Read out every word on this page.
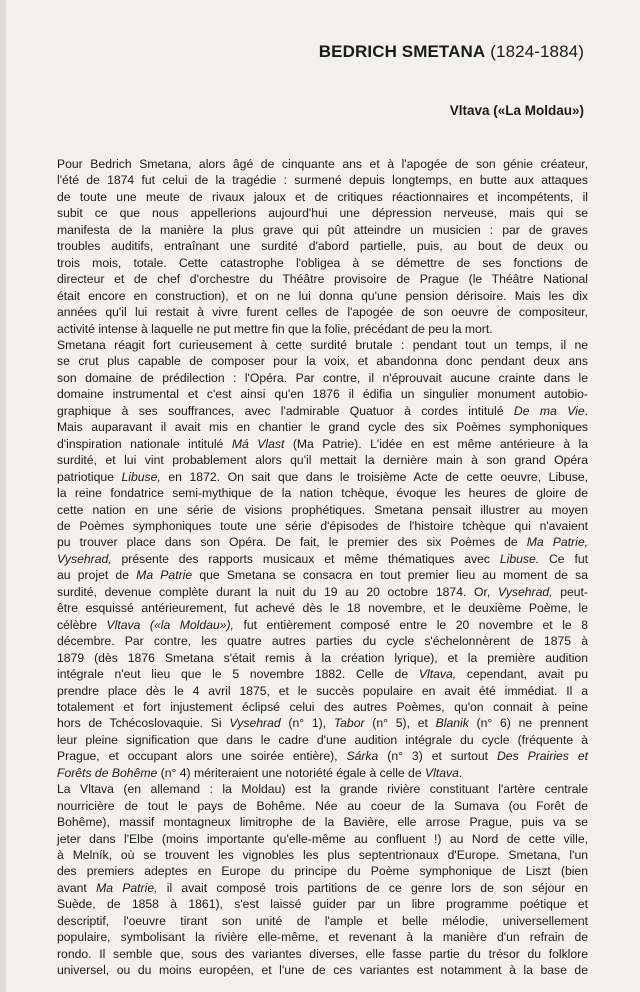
BEDRICH SMETANA (1824-1884)
Vltava («La Moldau»)

Pour Bedrich Smetana, alors âgé de cinquante ans et à l'apogée de son génie créateur,
l'été de 1874 fut celui de la tragédie : surmené depuis longtemps, en butte aux attaques
de toute une meute de rivaux jaloux et de critiques réactionnaires et incompétents, il
subit ce que nous appellerions aujourd'hui une dépression nerveuse, mais qui se
manifesta de la manière la plus grave qui pût atteindre un musicien : par de graves
troubles auditifs, entraînant une surdité d'abord partielle, puis, au bout de deux ou
trois mois, totale. Cette catastrophe l'obligea à se démettre de ses fonctions de
directeur et de chef d'orchestre du Théâtre provisoire de Prague (le Théâtre National
était encore en construction), et on ne lui donna qu'une pension dérisoire. Mais les dix
années qu'il lui restait à vivre furent celles de l'apogée de son oeuvre de compositeur,
activité intense à laquelle ne put mettre fin que la folie, précédant de peu la mort.

Smetana réagit fort curieusement à cette surdité brutale : pendant tout un temps, il ne
se crut plus capable de composer pour la voix, et abandonna donc pendant deux ans
son domaine de prédilection : l'Opéra. Par contre, il n'éprouvait aucune crainte dans le
domaine instrumental et c'est ainsi qu'en 1876 il édifia un singulier monument autobio-
graphique à ses souffrances, avec l'admirable Quatuor à cordes intitulé De ma Vie.
Mais auparavant il avait mis en chantier le grand cycle des six Poèmes symphoniques
d'inspiration nationale intitulé Má Vlast (Ma Patrie). L'idée en est même antérieure à la
surdité, et lui vint probablement alors qu'il mettait la dernière main à son grand Opéra
patriotique Libuse, en 1872. On sait que dans le troisième Acte de cette oeuvre, Libuse,
la reine fondatrice semi-mythique de la nation tchèque, évoque les heures de gloire de
cette nation en une série de visions prophétiques. Smetana pensait illustrer au moyen
de Poèmes symphoniques toute une série d'épisodes de l'histoire tchèque qui n'avaient
pu trouver place dans son Opéra. De fait, le premier des six Poèmes de Ma Patrie,
Vysehrad, présente des rapports musicaux et même thématiques avec Libuse. Ce fut
au projet de Ma Patrie que Smetana se consacra en tout premier lieu au moment de sa
surdité, devenue complète durant la nuit du 19 au 20 octobre 1874. Or, Vysehrad, peut-
être esquissé antérieurement, fut achevé dès le 18 novembre, et le deuxième Poème, le
célèbre Vltava («la Moldau»), fut entièrement composé entre le 20 novembre et le 8
décembre. Par contre, les quatre autres parties du cycle s'échelonnèrent de 1875 à
1879 (dès 1876 Smetana s'était remis à la création lyrique), et la première audition
intégrale n'eut lieu que le 5 novembre 1882. Celle de Vltava, cependant, avait pu
prendre place dès le 4 avril 1875, et le succès populaire en avait été immédiat. Il a
totalement et fort injustement éclipsé celui des autres Poèmes, qu'on connait à peine
hors de Tchécoslovaquie. Si Vysehrad (n° 1), Tabor (n° 5), et Blanik (n° 6) ne prennent
leur pleine signification que dans le cadre d'une audition intégrale du cycle (fréquente à
Prague, et occupant alors une soirée entière), Sárka (n° 3) et surtout Des Prairies et
Forêts de Bohême (n° 4) mériteraient une notoriété égale à celle de Vltava.

La Vltava (en allemand : la Moldau) est la grande rivière constituant l'artère centrale
nourricière de tout le pays de Bohême. Née au coeur de la Sumava (ou Forêt de
Bohême), massif montagneux limitrophe de la Bavière, elle arrose Prague, puis va se
jeter dans l'Elbe (moins importante qu'elle-même au confluent !) au Nord de cette ville,
à Melník, où se trouvent les vignobles les plus septentrionaux d'Europe. Smetana, l'un
des premiers adeptes en Europe du principe du Poème symphonique de Liszt (bien
avant Ma Patrie, il avait composé trois partitions de ce genre lors de son séjour en
Suède, de 1858 à 1861), s'est laissé guider par un libre programme poétique et
descriptif, l'oeuvre tirant son unité de l'ample et belle mélodie, universellement
populaire, symbolisant la rivière elle-même, et revenant à la manière d'un refrain de
rondo. Il semble que, sous des variantes diverses, elle fasse partie du trésor du folklore
universel, ou du moins européen, et l'une de ces variantes est notamment à la base de
